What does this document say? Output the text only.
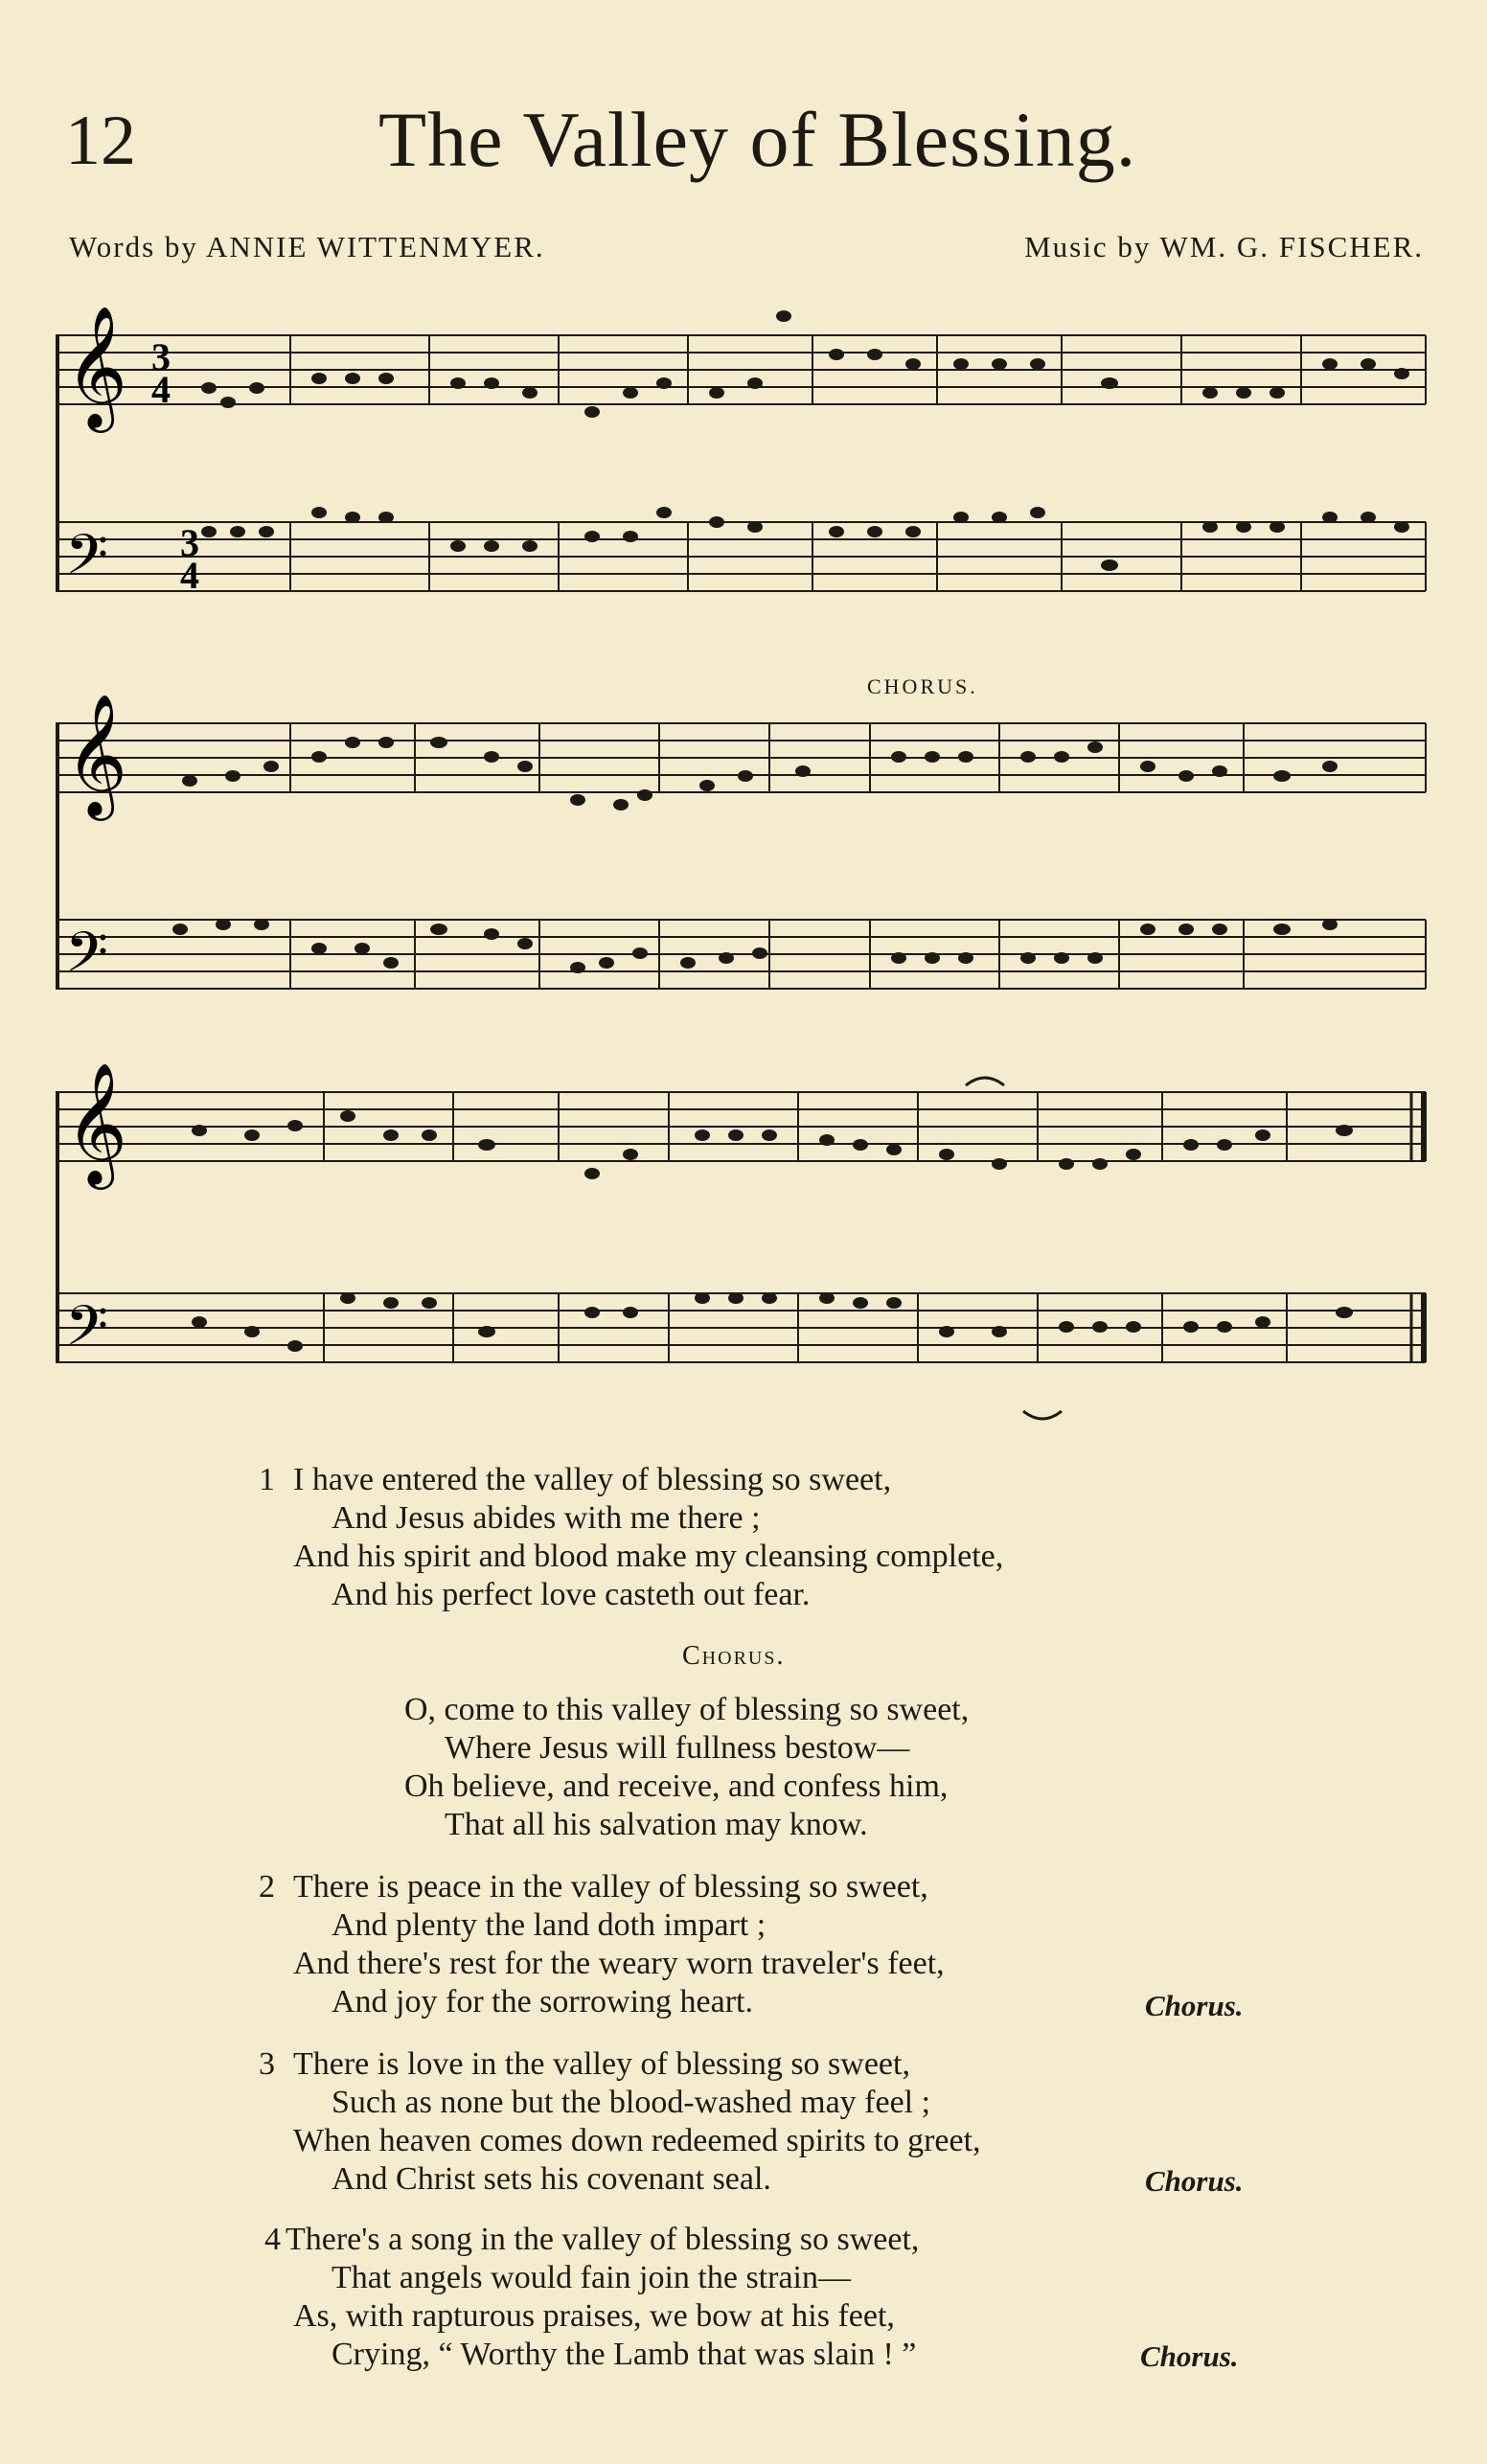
12	The Valley of Blessing.
Words by ANNIE WITTENMYER.	Music by WM. G. FISCHER.
𝄞
𝄢
3
4
3
4
CHORUS.
𝄞
𝄢
𝄞
𝄢
1 I have entered the valley of blessing so sweet,
And Jesus abides with me there ;
And his spirit and blood make my cleansing complete,
And his perfect love casteth out fear.
Chorus.
O, come to this valley of blessing so sweet,
Where Jesus will fullness bestow—
Oh believe, and receive, and confess him,
That all his salvation may know.
2 There is peace in the valley of blessing so sweet,
And plenty the land doth impart ;
And there's rest for the weary worn traveler's feet,
And joy for the sorrowing heart.	Chorus.
3 There is love in the valley of blessing so sweet,
Such as none but the blood-washed may feel ;
When heaven comes down redeemed spirits to greet,
And Christ sets his covenant seal.	Chorus.
4 There's a song in the valley of blessing so sweet,
That angels would fain join the strain—
As, with rapturous praises, we bow at his feet,
Crying, “ Worthy the Lamb that was slain ! ”	Chorus.
